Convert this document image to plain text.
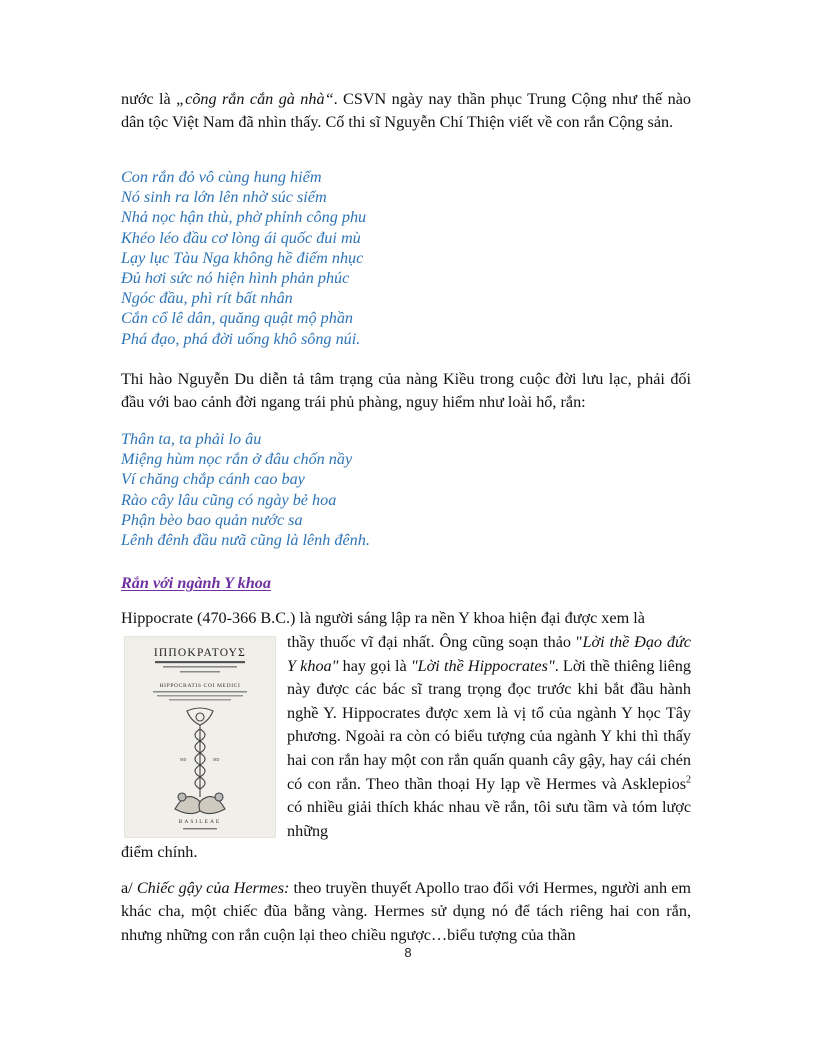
nước là „cõng rắn cắn gà nhà“. CSVN ngày nay thần phục Trung Cộng như thế nào dân tộc Việt Nam đã nhìn thấy. Cố thi sĩ Nguyễn Chí Thiện viết về con rắn Cộng sản.

Con rắn đỏ vô cùng hung hiểm
Nó sinh ra lớn lên nhờ súc siểm
Nhả nọc hận thù, phờ phỉnh công phu
Khéo léo đầu cơ lòng ái quốc đui mù
Lạy lục Tàu Nga không hề điếm nhục
Đủ hơi sức nó hiện hình phản phúc
Ngóc đầu, phì rít bất nhân
Cắn cổ lê dân, quăng quật mộ phần
Phá đạo, phá đời uống khô sông núi.

Thi hào Nguyễn Du diễn tả tâm trạng của nàng Kiều trong cuộc đời lưu lạc, phải đối đầu với bao cảnh đời ngang trái phủ phàng, nguy hiểm như loài hổ, rắn:

Thân ta, ta phải lo âu
Miệng hùm nọc rắn ở đâu chốn nầy
Ví chăng chắp cánh cao bay
Rào cây lâu cũng có ngày bẻ hoa
Phận bèo bao quản nước sa
Lênh đênh đầu nưã cũng là lênh đênh.
Rắn với ngành Y khoa

Hippocrate (470-366 B.C.) là người sáng lập ra nền Y khoa hiện đại được xem là

ΙΠΠΟΚΡΑΤΟΥΣ
HIPPOCRATIS COI MEDICI
MD	MD
BASILEAE
thầy thuốc vĩ đại nhất. Ông cũng soạn thảo "Lời thề Đạo đức Y khoa" hay gọi là "Lời thề Hippocrates". Lời thề thiêng liêng này được các bác sĩ trang trọng đọc trước khi bắt đầu hành nghề Y. Hippocrates được xem là vị tổ của ngành Y học Tây phương. Ngoài ra còn có biểu tượng của ngành Y khi thì thấy hai con rắn hay một con rắn quấn quanh cây gậy, hay cái chén có con rắn. Theo thần thoại Hy lạp về Hermes và Asklepios$^2$ có nhiều giải thích khác nhau về rắn, tôi sưu tầm và tóm lược những

điểm chính.

a/ Chiếc gậy của Hermes: theo truyền thuyết Apollo trao đổi với Hermes, người anh em khác cha, một chiếc đũa bằng vàng. Hermes sử dụng nó để tách riêng hai con rắn, nhưng những con rắn cuộn lại theo chiều ngược…biểu tượng của thần

8
